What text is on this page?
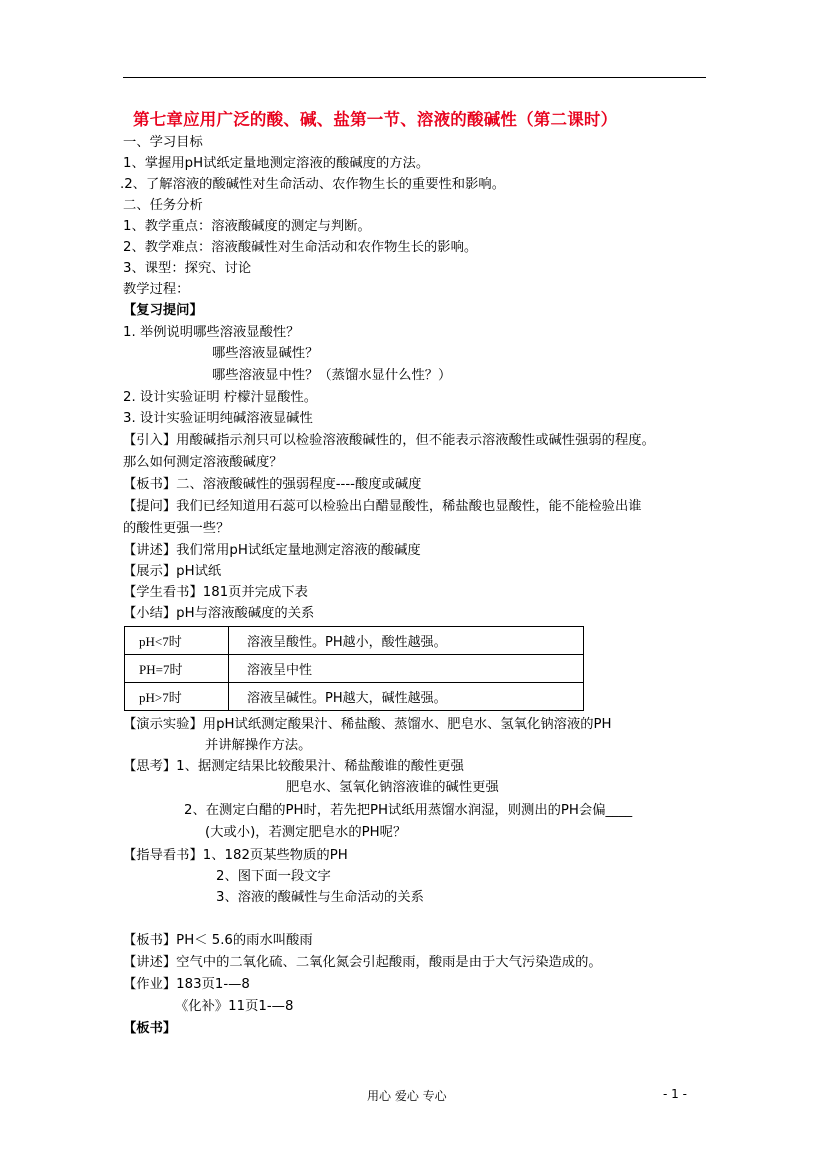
第七章应用广泛的酸、碱、盐第一节、溶液的酸碱性（第二课时）
一、学习目标
1、掌握用pH试纸定量地测定溶液的酸碱度的方法。
.2、了解溶液的酸碱性对生命活动、农作物生长的重要性和影响。
二、任务分析
1、教学重点：溶液酸碱度的测定与判断。
2、教学难点：溶液酸碱性对生命活动和农作物生长的影响。
3、课型：探究、讨论
教学过程：
【复习提问】
1. 举例说明哪些溶液显酸性？
哪些溶液显碱性？
哪些溶液显中性？（蒸馏水显什么性？）
2. 设计实验证明 柠檬汁显酸性。
3. 设计实验证明纯碱溶液显碱性
【引入】用酸碱指示剂只可以检验溶液酸碱性的，但不能表示溶液酸性或碱性强弱的程度。
那么如何测定溶液酸碱度？
【板书】二、溶液酸碱性的强弱程度----酸度或碱度
【提问】我们已经知道用石蕊可以检验出白醋显酸性，稀盐酸也显酸性，能不能检验出谁
的酸性更强一些？
【讲述】我们常用pH试纸定量地测定溶液的酸碱度
【展示】pH试纸
【学生看书】181页并完成下表
【小结】pH与溶液酸碱度的关系
pH<7时	溶液呈酸性。PH越小，酸性越强。
PH=7时	溶液呈中性
pH>7时	溶液呈碱性。PH越大，碱性越强。
【演示实验】用pH试纸测定酸果汁、稀盐酸、蒸馏水、肥皂水、氢氧化钠溶液的PH
并讲解操作方法。
【思考】1、据测定结果比较酸果汁、稀盐酸谁的酸性更强
肥皂水、氢氧化钠溶液谁的碱性更强
2、在测定白醋的PH时，若先把PH试纸用蒸馏水润湿，则测出的PH会偏____
(大或小)，若测定肥皂水的PH呢？
【指导看书】1、182页某些物质的PH
2、图下面一段文字
3、溶液的酸碱性与生命活动的关系
【板书】PH＜ 5.6的雨水叫酸雨
【讲述】空气中的二氧化硫、二氧化氮会引起酸雨，酸雨是由于大气污染造成的。
【作业】183页1-—8
《化补》11页1-—8
【板书】
用心 爱心 专心	- 1 -
